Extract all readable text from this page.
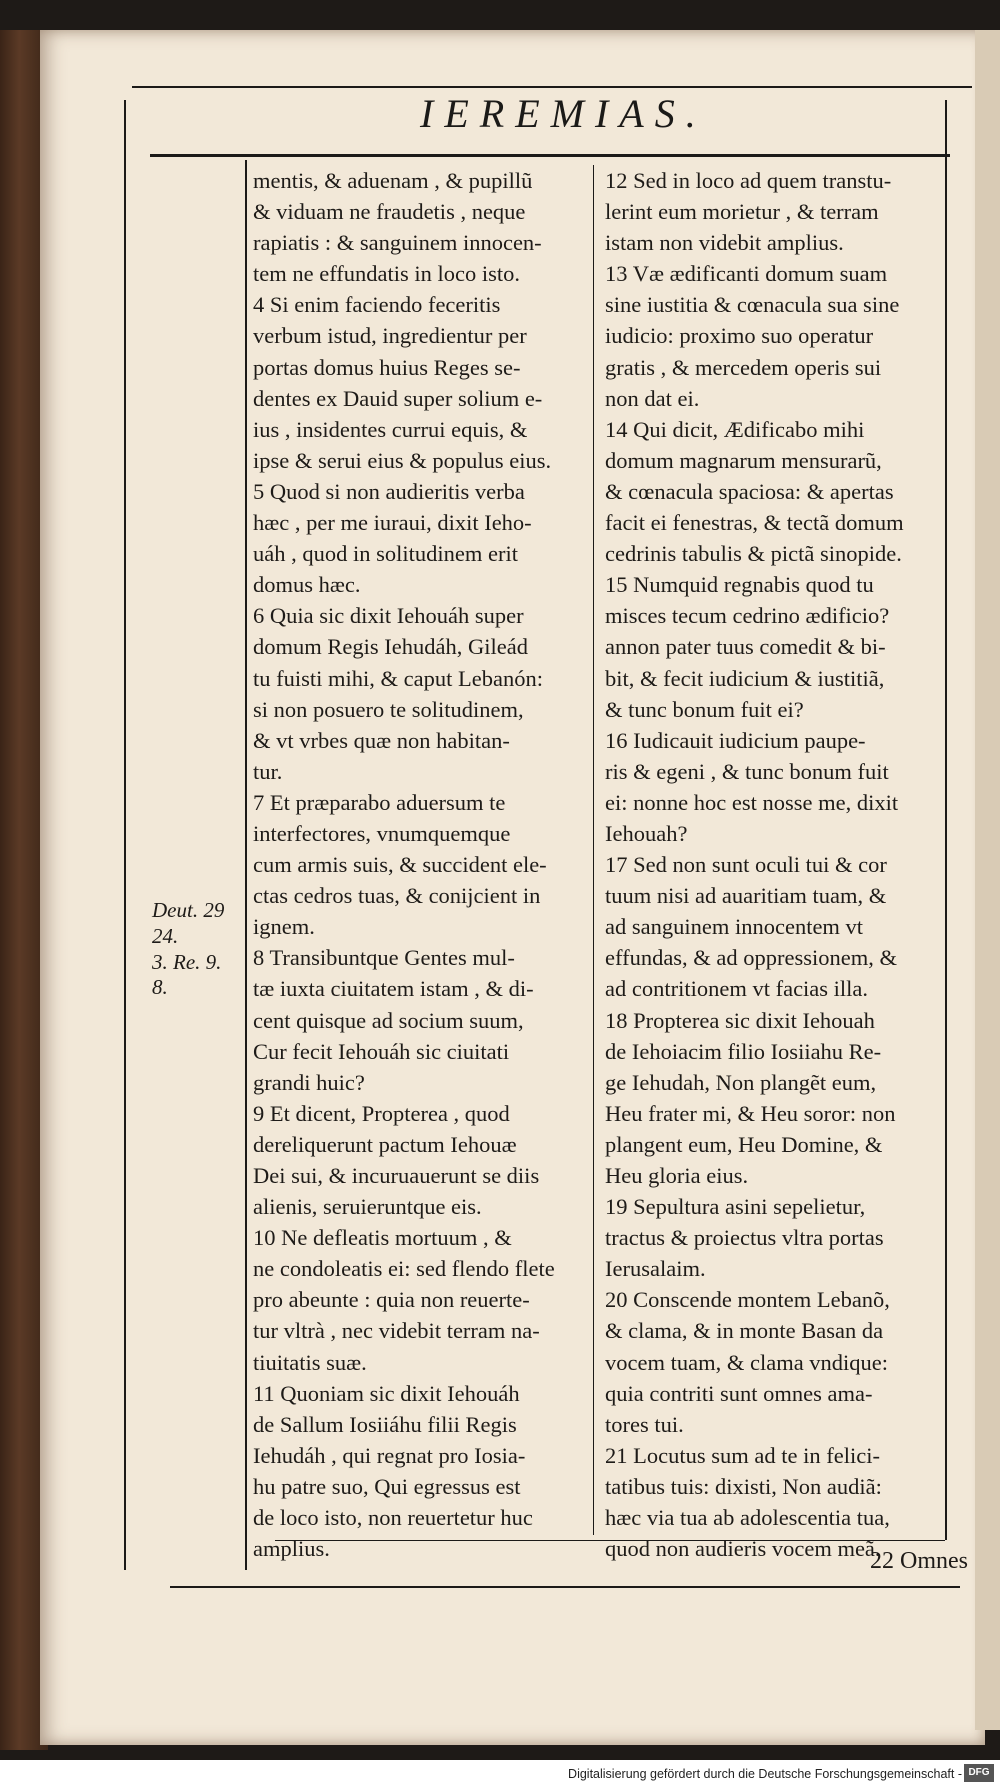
IEREMIAS.
mentis, & aduenam , & pupillũ
& viduam ne fraudetis , neque
rapiatis : & sanguinem innocen-
tem ne effundatis in loco isto.
4 Si enim faciendo feceritis
verbum istud, ingredientur per
portas domus huius Reges se-
dentes ex Dauid super solium e-
ius , insidentes currui equis, &
ipse & serui eius & populus eius.
5 Quod si non audieritis verba
hæc , per me iuraui, dixit Ieho-
uáh , quod in solitudinem erit
domus hæc.
6 Quia sic dixit Iehouáh super
domum Regis Iehudáh, Gileád
tu fuisti mihi, & caput Lebanón:
si non posuero te solitudinem,
& vt vrbes quæ non habitan-
tur.
7 Et præparabo aduersum te
interfectores, vnumquemque
cum armis suis, & succident ele-
ctas cedros tuas, & conijcient in
ignem.
8 Transibuntque Gentes mul-
tæ iuxta ciuitatem istam , & di-
cent quisque ad socium suum,
Cur fecit Iehouáh sic ciuitati
grandi huic?
9 Et dicent, Propterea , quod
dereliquerunt pactum Iehouæ
Dei sui, & incuruauerunt se diis
alienis, seruieruntque eis.
10 Ne defleatis mortuum , &
ne condoleatis ei: sed flendo flete
pro abeunte : quia non reuerte-
tur vltrà , nec videbit terram na-
tiuitatis suæ.
11 Quoniam sic dixit Iehouáh
de Sallum Iosiiáhu filii Regis
Iehudáh , qui regnat pro Iosia-
hu patre suo, Qui egressus est
de loco isto, non reuertetur huc
amplius.
12 Sed in loco ad quem transtu-
lerint eum morietur , & terram
istam non videbit amplius.
13 Væ ædificanti domum suam
sine iustitia & cœnacula sua sine
iudicio: proximo suo operatur
gratis , & mercedem operis sui
non dat ei.
14 Qui dicit, Ædificabo mihi
domum magnarum mensurarũ,
& cœnacula spaciosa: & apertas
facit ei fenestras, & tectã domum
cedrinis tabulis & pictã sinopide.
15 Numquid regnabis quod tu
misces tecum cedrino ædificio?
annon pater tuus comedit & bi-
bit, & fecit iudicium & iustitiã,
& tunc bonum fuit ei?
16 Iudicauit iudicium paupe-
ris & egeni , & tunc bonum fuit
ei: nonne hoc est nosse me, dixit
Iehouah?
17 Sed non sunt oculi tui & cor
tuum nisi ad auaritiam tuam, &
ad sanguinem innocentem vt
effundas, & ad oppressionem, &
ad contritionem vt facias illa.
18 Propterea sic dixit Iehouah
de Iehoiacim filio Iosiiahu Re-
ge Iehudah, Non plangẽt eum,
Heu frater mi, & Heu soror: non
plangent eum, Heu Domine, &
Heu gloria eius.
19 Sepultura asini sepelietur,
tractus & proiectus vltra portas
Ierusalaim.
20 Conscende montem Lebanõ,
& clama, & in monte Basan da
vocem tuam, & clama vndique:
quia contriti sunt omnes ama-
tores tui.
21 Locutus sum ad te in felici-
tatibus tuis: dixisti, Non audiã:
hæc via tua ab adolescentia tua,
quod non audieris vocem meã.
Deut. 29
24.
3. Re. 9.
8.
22 Omnes
Digitalisierung gefördert durch die Deutsche Forschungsgemeinschaft - DFG
